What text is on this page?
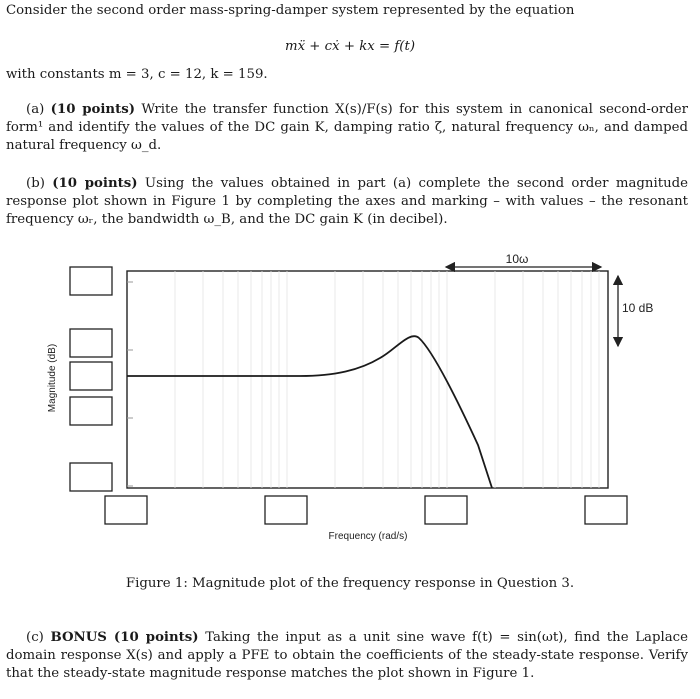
Consider the second order mass-spring-damper system represented by the equation
mẍ + cẋ + kx = f(t)
with constants m = 3, c = 12, k = 159.
(a) (10 points) Write the transfer function X(s)/F(s) for this system in canonical second-order form¹ and identify the values of the DC gain K, damping ratio ζ, natural frequency ωₙ, and damped natural frequency ω_d.
(b) (10 points) Using the values obtained in part (a) complete the second order magnitude response plot shown in Figure 1 by completing the axes and marking – with values – the resonant frequency ωᵣ, the bandwidth ω_B, and the DC gain K (in decibel).
Magnitude (dB)
Frequency (rad/s)
10ω
10 dB
Figure 1: Magnitude plot of the frequency response in Question 3.
(c) BONUS (10 points) Taking the input as a unit sine wave f(t) = sin(ωt), find the Laplace domain response X(s) and apply a PFE to obtain the coefficients of the steady-state response. Verify that the steady-state magnitude response matches the plot shown in Figure 1.
